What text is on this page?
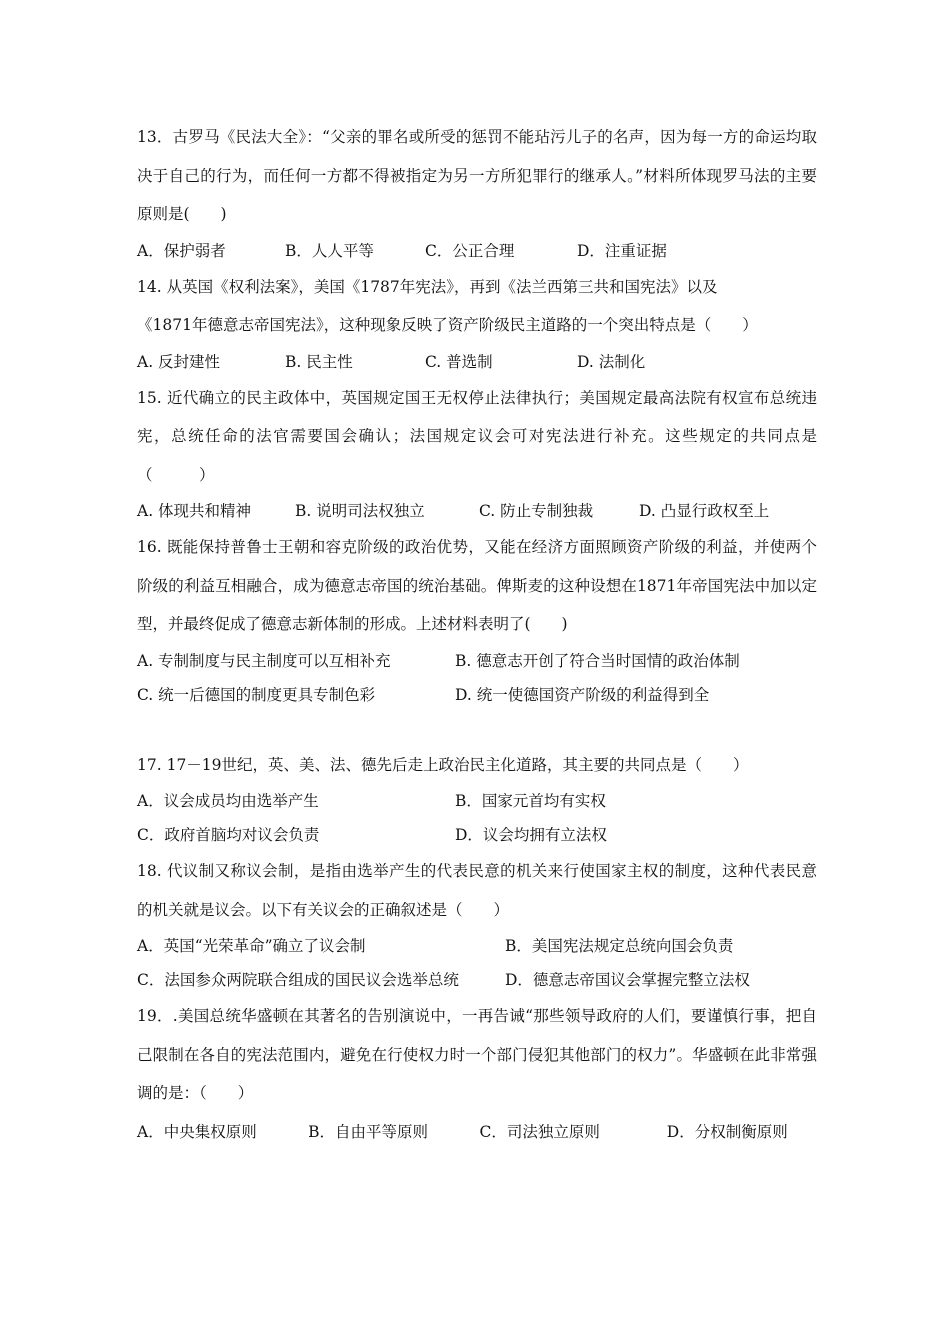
13．古罗马《民法大全》：“父亲的罪名或所受的惩罚不能玷污儿子的名声，因为每一方的命运均取决于自己的行为，而任何一方都不得被指定为另一方所犯罪行的继承人。”材料所体现罗马法的主要原则是(　　)

A．保护弱者	B．人人平等	C．公正合理	D．注重证据

14. 从英国《权利法案》，美国《1787年宪法》，再到《法兰西第三共和国宪法》以及
《1871年德意志帝国宪法》，这种现象反映了资产阶级民主道路的一个突出特点是（　　）

A. 反封建性	B. 民主性	C. 普选制	D. 法制化

15. 近代确立的民主政体中，英国规定国王无权停止法律执行；美国规定最高法院有权宣布总统违宪，总统任命的法官需要国会确认；法国规定议会可对宪法进行补充。这些规定的共同点是（　　　）

A. 体现共和精神	B. 说明司法权独立	C. 防止专制独裁	D. 凸显行政权至上

16. 既能保持普鲁士王朝和容克阶级的政治优势，又能在经济方面照顾资产阶级的利益，并使两个阶级的利益互相融合，成为德意志帝国的统治基础。俾斯麦的这种设想在1871年帝国宪法中加以定型，并最终促成了德意志新体制的形成。上述材料表明了(　　)

A. 专制制度与民主制度可以互相补充	B. 德意志开创了符合当时国情的政治体制
C. 统一后德国的制度更具专制色彩	D. 统一使德国资产阶级的利益得到全

17. 17－19世纪，英、美、法、德先后走上政治民主化道路，其主要的共同点是（　　）

A．议会成员均由选举产生	B．国家元首均有实权
C．政府首脑均对议会负责	D．议会均拥有立法权

18. 代议制又称议会制，是指由选举产生的代表民意的机关来行使国家主权的制度，这种代表民意的机关就是议会。以下有关议会的正确叙述是（　　）

A．英国“光荣革命”确立了议会制	B．美国宪法规定总统向国会负责
C．法国参众两院联合组成的国民议会选举总统	D．德意志帝国议会掌握完整立法权

19．.美国总统华盛顿在其著名的告别演说中，一再告诫“那些领导政府的人们，要谨慎行事，把自己限制在各自的宪法范围内，避免在行使权力时一个部门侵犯其他部门的权力”。华盛顿在此非常强调的是：（　　）

A．中央集权原则　　　	B．自由平等原则　　　	C．司法独立原则　　　　	D．分权制衡原则
